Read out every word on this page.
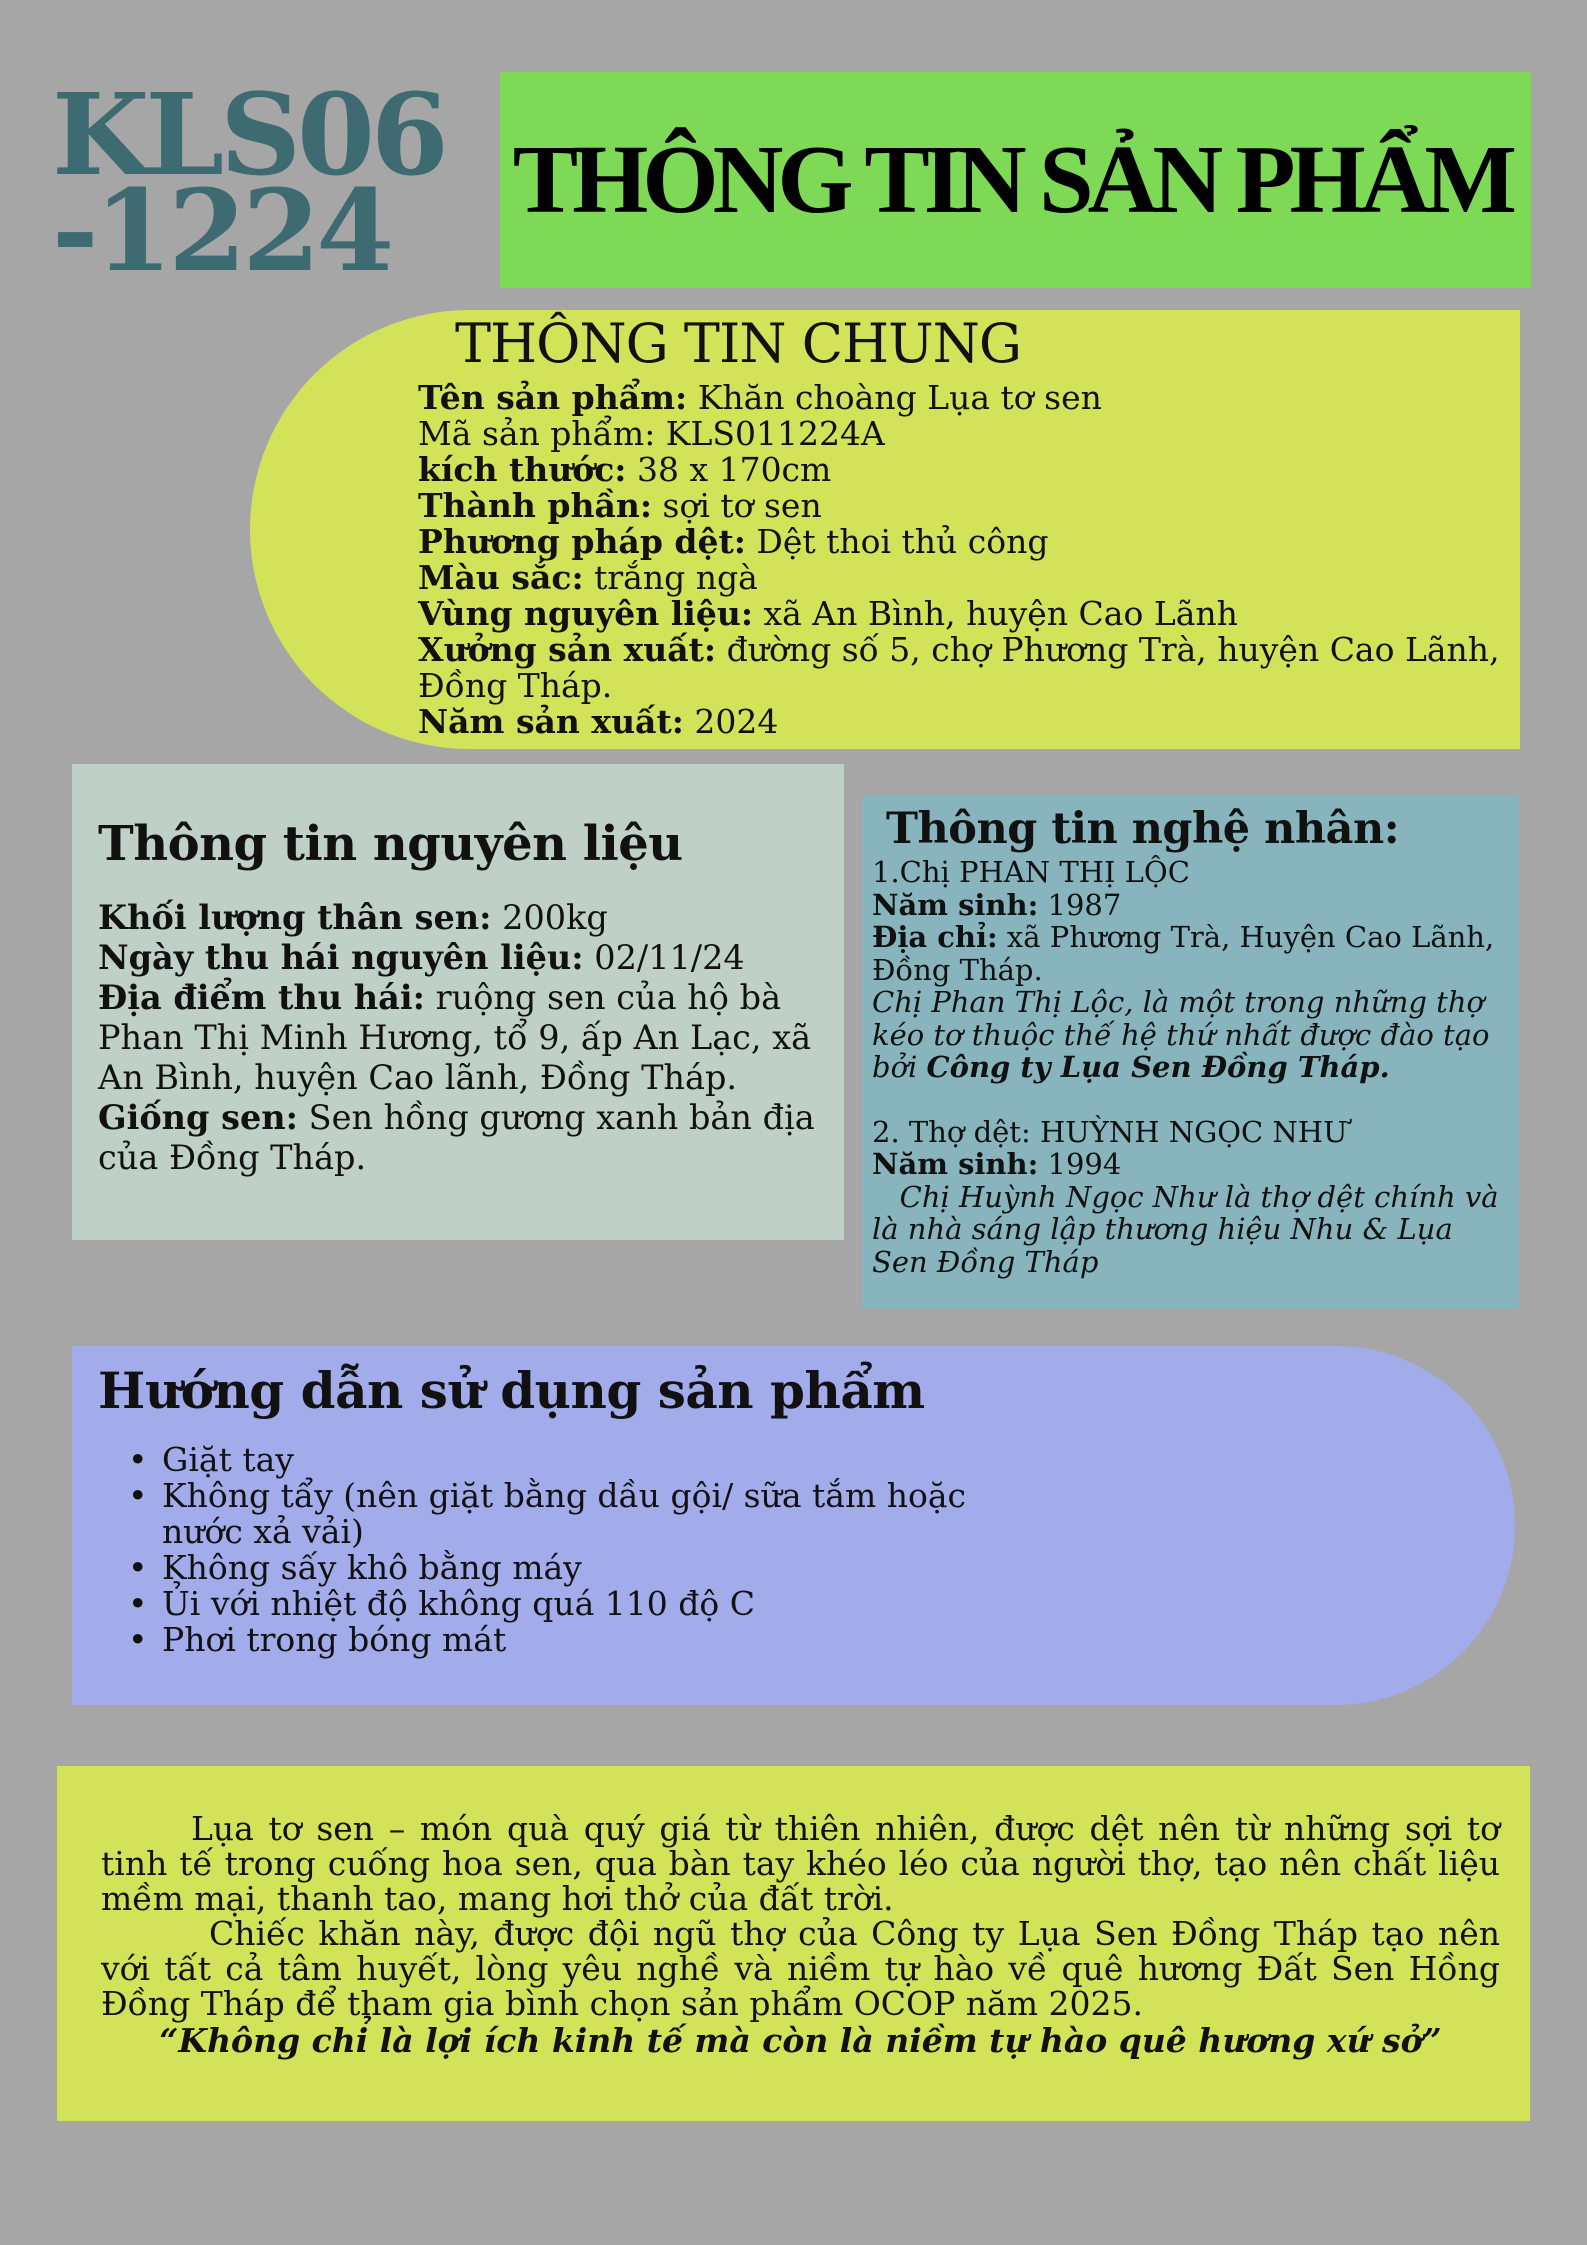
KLS06
-1224	THÔNG TIN SẢN PHẨM
THÔNG TIN CHUNG
Tên sản phẩm: Khăn choàng Lụa tơ sen
Mã sản phẩm: KLS011224A
kích thước: 38 x 170cm
Thành phần: sợi tơ sen
Phương pháp dệt: Dệt thoi thủ công
Màu sắc: trắng ngà
Vùng nguyên liệu: xã An Bình, huyện Cao Lãnh
Xưởng sản xuất: đường số 5, chợ Phương Trà, huyện Cao Lãnh, Đồng Tháp.
Năm sản xuất: 2024
Thông tin nguyên liệu
Khối lượng thân sen: 200kg
Ngày thu hái nguyên liệu: 02/11/24
Địa điểm thu hái: ruộng sen của hộ bà Phan Thị Minh Hương, tổ 9, ấp An Lạc, xã An Bình, huyện Cao lãnh, Đồng Tháp.
Giống sen: Sen hồng gương xanh bản địa của Đồng Tháp.
Thông tin nghệ nhân:
1.Chị PHAN THỊ LỘC
Năm sinh: 1987
Địa chỉ: xã Phương Trà, Huyện Cao Lãnh, Đồng Tháp.
Chị Phan Thị Lộc, là một trong những thợ kéo tơ thuộc thế hệ thứ nhất được đào tạo bởi Công ty Lụa Sen Đồng Tháp.
2. Thợ dệt: HUỲNH NGỌC NHƯ
Năm sinh: 1994
Chị Huỳnh Ngọc Như là thợ dệt chính và là nhà sáng lập thương hiệu Nhu & Lụa Sen Đồng Tháp
Hướng dẫn sử dụng sản phẩm
• Giặt tay
• Không tẩy (nên giặt bằng dầu gội/ sữa tắm hoặc nước xả vải)
• Không sấy khô bằng máy
• Ủi với nhiệt độ không quá 110 độ C
• Phơi trong bóng mát

Lụa tơ sen – món quà quý giá từ thiên nhiên, được dệt nên từ những sợi tơ tinh tế trong cuống hoa sen, qua bàn tay khéo léo của người thợ, tạo nên chất liệu mềm mại, thanh tao, mang hơi thở của đất trời.

Chiếc khăn này, được đội ngũ thợ của Công ty Lụa Sen Đồng Tháp tạo nên với tất cả tâm huyết, lòng yêu nghề và niềm tự hào về quê hương Đất Sen Hồng Đồng Tháp để tham gia bình chọn sản phẩm OCOP năm 2025.

“Không chỉ là lợi ích kinh tế mà còn là niềm tự hào quê hương xứ sở”
